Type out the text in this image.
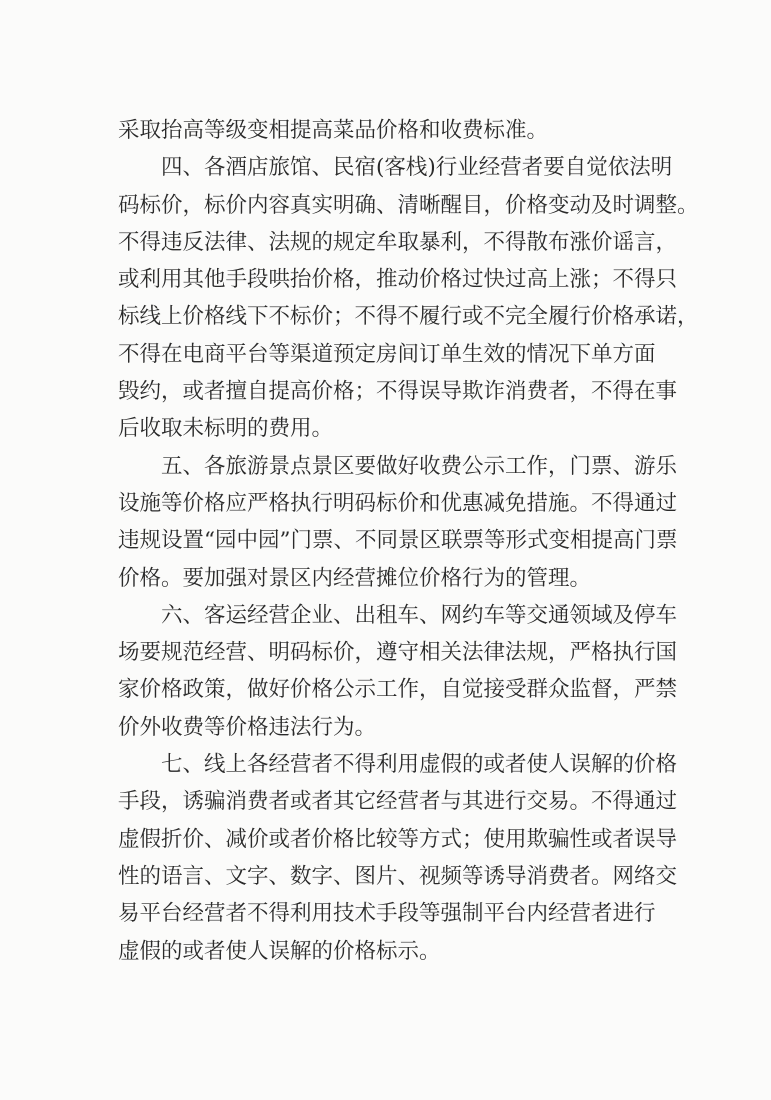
采取抬高等级变相提高菜品价格和收费标准。
四、各酒店旅馆、民宿(客栈)行业经营者要自觉依法明
码标价，标价内容真实明确、清晰醒目，价格变动及时调整。
不得违反法律、法规的规定牟取暴利，不得散布涨价谣言，
或利用其他手段哄抬价格，推动价格过快过高上涨；不得只
标线上价格线下不标价；不得不履行或不完全履行价格承诺，
不得在电商平台等渠道预定房间订单生效的情况下单方面
毁约，或者擅自提高价格；不得误导欺诈消费者，不得在事
后收取未标明的费用。
五、各旅游景点景区要做好收费公示工作，门票、游乐
设施等价格应严格执行明码标价和优惠减免措施。不得通过
违规设置“园中园”门票、不同景区联票等形式变相提高门票
价格。要加强对景区内经营摊位价格行为的管理。
六、客运经营企业、出租车、网约车等交通领域及停车
场要规范经营、明码标价，遵守相关法律法规，严格执行国
家价格政策，做好价格公示工作，自觉接受群众监督，严禁
价外收费等价格违法行为。
七、线上各经营者不得利用虚假的或者使人误解的价格
手段，诱骗消费者或者其它经营者与其进行交易。不得通过
虚假折价、减价或者价格比较等方式；使用欺骗性或者误导
性的语言、文字、数字、图片、视频等诱导消费者。网络交
易平台经营者不得利用技术手段等强制平台内经营者进行
虚假的或者使人误解的价格标示。
